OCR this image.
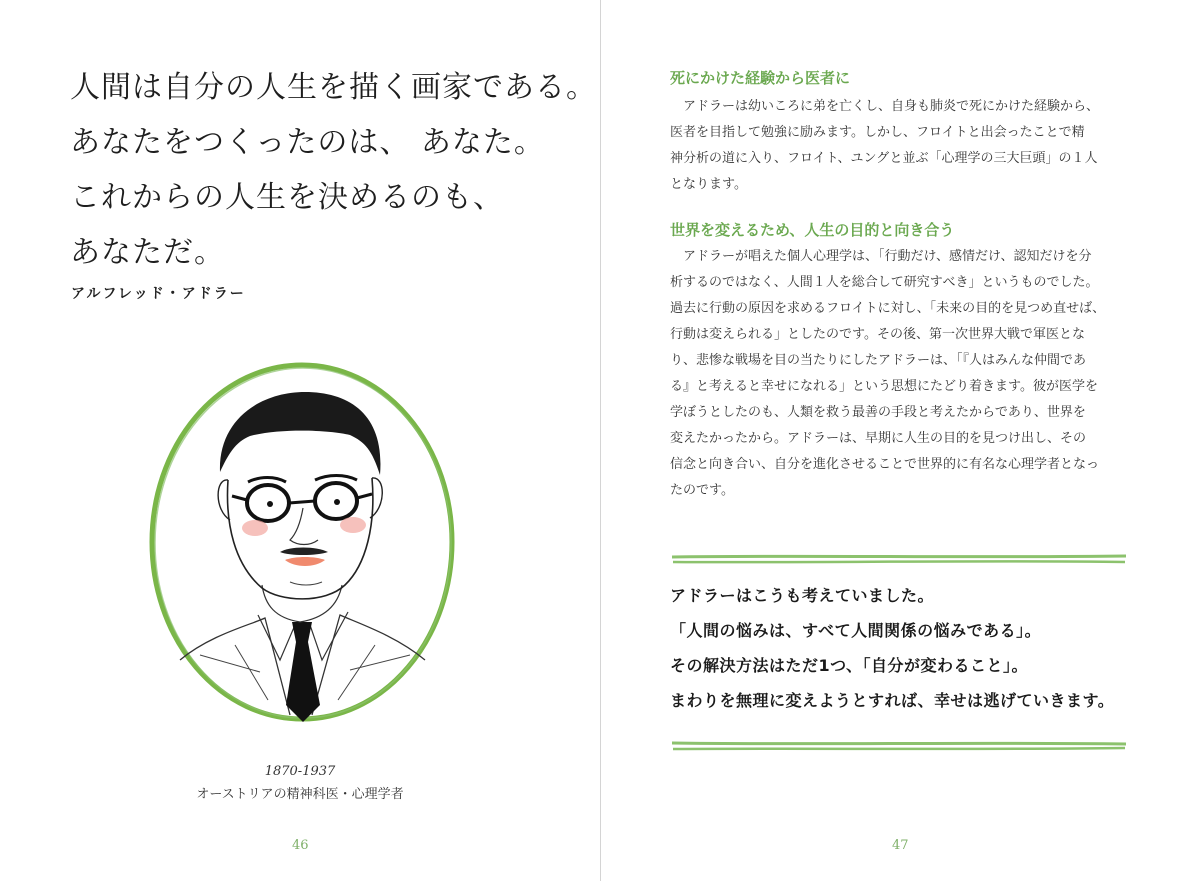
人間は自分の人生を描く画家である。
あなたをつくったのは、 あなた。
これからの人生を決めるのも、
あなただ。
アルフレッド・アドラー
1870-1937
オーストリアの精神科医・心理学者
46
死にかけた経験から医者に

　アドラーは幼いころに弟を亡くし、自身も肺炎で死にかけた経験から、

医者を目指して勉強に励みます。しかし、フロイトと出会ったことで精

神分析の道に入り、フロイト、ユングと並ぶ「心理学の三大巨頭」の１人

となります。

世界を変えるため、人生の目的と向き合う

　アドラーが唱えた個人心理学は、「行動だけ、感情だけ、認知だけを分

析するのではなく、人間１人を総合して研究すべき」というものでした。

過去に行動の原因を求めるフロイトに対し、「未来の目的を見つめ直せば、

行動は変えられる」としたのです。その後、第一次世界大戦で軍医とな

り、悲惨な戦場を目の当たりにしたアドラーは、「『人はみんな仲間であ

る』と考えると幸せになれる」という思想にたどり着きます。彼が医学を

学ぼうとしたのも、人類を救う最善の手段と考えたからであり、世界を

変えたかったから。アドラーは、早期に人生の目的を見つけ出し、その

信念と向き合い、自分を進化させることで世界的に有名な心理学者となっ

たのです。

アドラーはこうも考えていました。
「人間の悩みは、すべて人間関係の悩みである」。
その解決方法はただ1つ、「自分が変わること」。
まわりを無理に変えようとすれば、幸せは逃げていきます。
47
